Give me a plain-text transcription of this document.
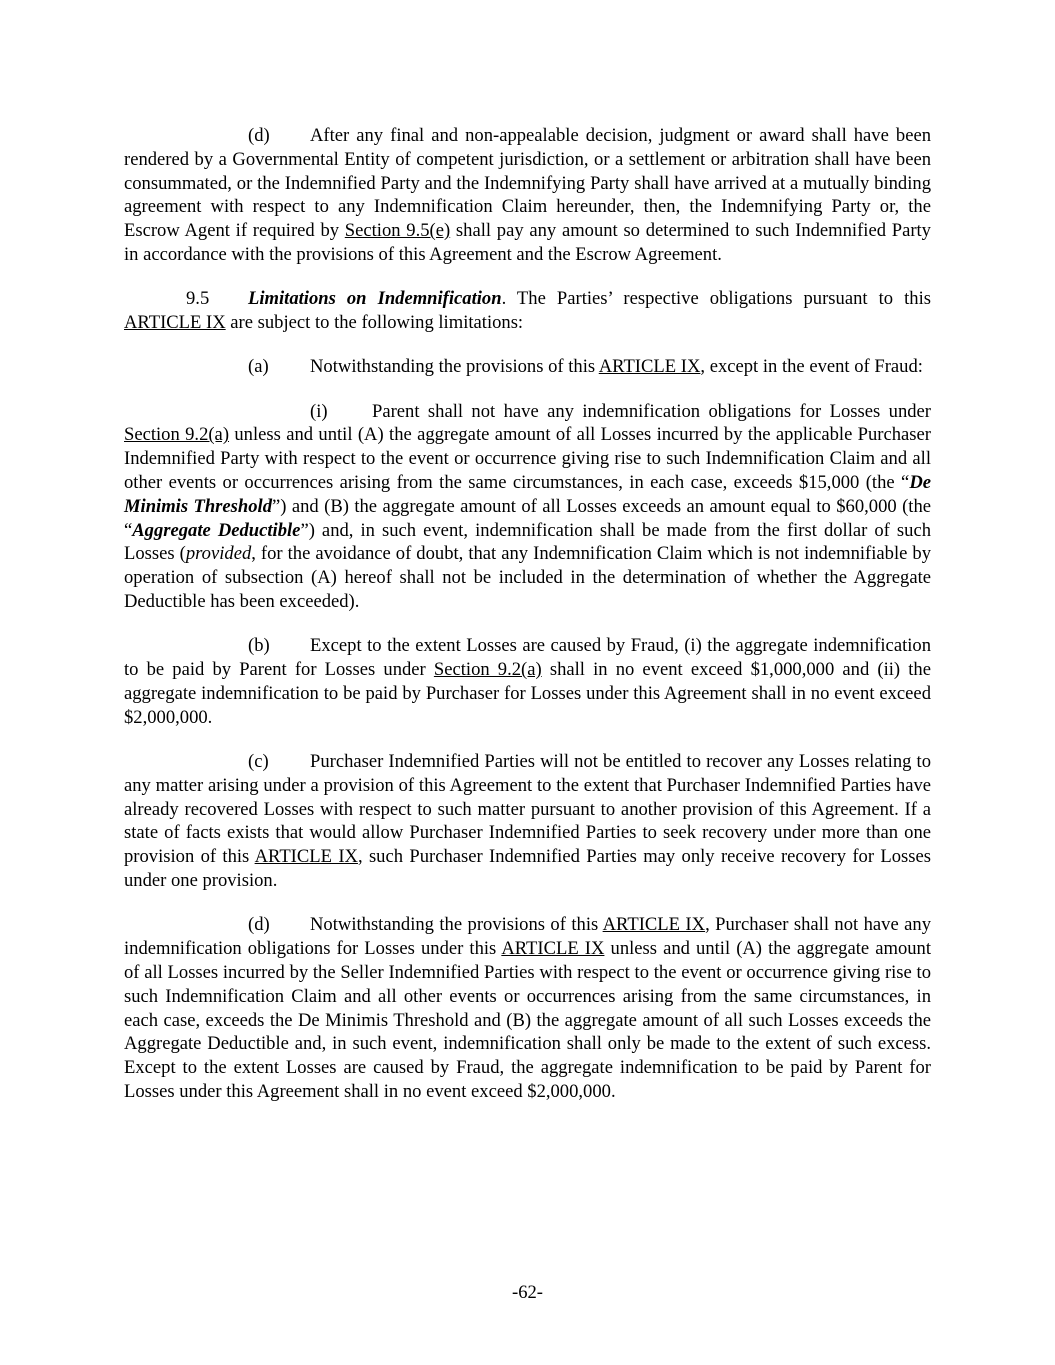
(d) After any final and non-appealable decision, judgment or award shall have been rendered by a Governmental Entity of competent jurisdiction, or a settlement or arbitration shall have been consummated, or the Indemnified Party and the Indemnifying Party shall have arrived at a mutually binding agreement with respect to any Indemnification Claim hereunder, then, the Indemnifying Party or, the Escrow Agent if required by Section 9.5(e) shall pay any amount so determined to such Indemnified Party in accordance with the provisions of this Agreement and the Escrow Agreement.

9.5 Limitations on Indemnification. The Parties’ respective obligations pursuant to this ARTICLE IX are subject to the following limitations:

(a) Notwithstanding the provisions of this ARTICLE IX, except in the event of Fraud:

(i) Parent shall not have any indemnification obligations for Losses under Section 9.2(a) unless and until (A) the aggregate amount of all Losses incurred by the applicable Purchaser Indemnified Party with respect to the event or occurrence giving rise to such Indemnification Claim and all other events or occurrences arising from the same circumstances, in each case, exceeds $15,000 (the “De Minimis Threshold”) and (B) the aggregate amount of all Losses exceeds an amount equal to $60,000 (the “Aggregate Deductible”) and, in such event, indemnification shall be made from the first dollar of such Losses (provided, for the avoidance of doubt, that any Indemnification Claim which is not indemnifiable by operation of subsection (A) hereof shall not be included in the determination of whether the Aggregate Deductible has been exceeded).

(b) Except to the extent Losses are caused by Fraud, (i) the aggregate indemnification to be paid by Parent for Losses under Section 9.2(a) shall in no event exceed $1,000,000 and (ii) the aggregate indemnification to be paid by Purchaser for Losses under this Agreement shall in no event exceed $2,000,000.

(c) Purchaser Indemnified Parties will not be entitled to recover any Losses relating to any matter arising under a provision of this Agreement to the extent that Purchaser Indemnified Parties have already recovered Losses with respect to such matter pursuant to another provision of this Agreement. If a state of facts exists that would allow Purchaser Indemnified Parties to seek recovery under more than one provision of this ARTICLE IX, such Purchaser Indemnified Parties may only receive recovery for Losses under one provision.

(d) Notwithstanding the provisions of this ARTICLE IX, Purchaser shall not have any indemnification obligations for Losses under this ARTICLE IX unless and until (A) the aggregate amount of all Losses incurred by the Seller Indemnified Parties with respect to the event or occurrence giving rise to such Indemnification Claim and all other events or occurrences arising from the same circumstances, in each case, exceeds the De Minimis Threshold and (B) the aggregate amount of all such Losses exceeds the Aggregate Deductible and, in such event, indemnification shall only be made to the extent of such excess. Except to the extent Losses are caused by Fraud, the aggregate indemnification to be paid by Parent for Losses under this Agreement shall in no event exceed $2,000,000.

-62-
